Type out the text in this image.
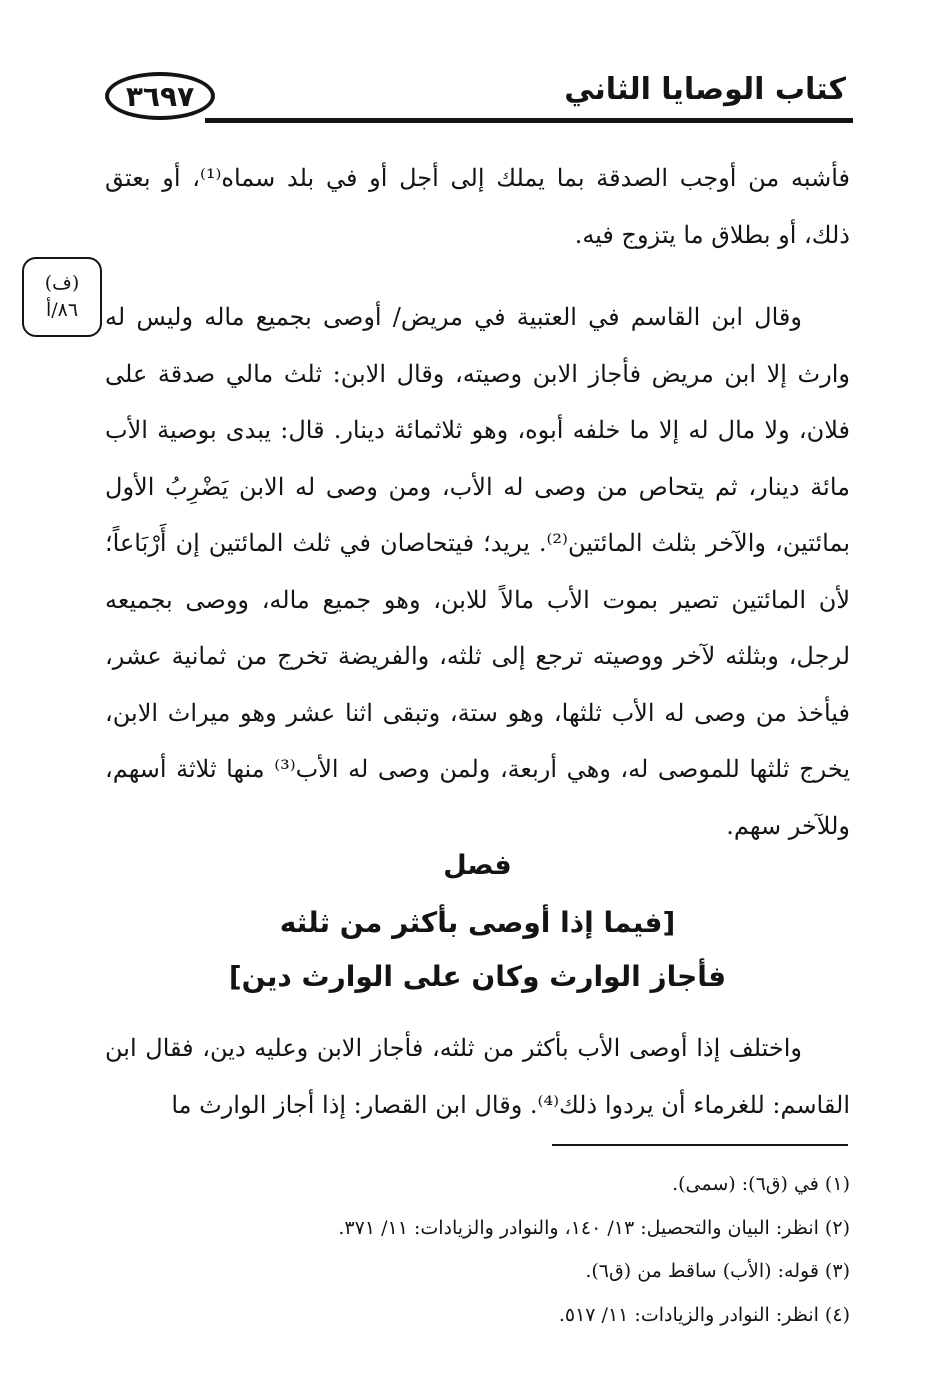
٣٦٩٧	كتاب الوصايا الثاني
(ف)
٨٦/أ

فأشبه من أوجب الصدقة بما يملك إلى أجل أو في بلد سماه⁽¹⁾، أو بعتق ذلك، أو بطلاق ما يتزوج فيه.

وقال ابن القاسم في العتبية في مريض/ أوصى بجميع ماله وليس له وارث إلا ابن مريض فأجاز الابن وصيته، وقال الابن: ثلث مالي صدقة على فلان، ولا مال له إلا ما خلفه أبوه، وهو ثلاثمائة دينار. قال: يبدى بوصية الأب مائة دينار، ثم يتحاص من وصى له الأب، ومن وصى له الابن يَضْرِبُ الأول بمائتين، والآخر بثلث المائتين⁽²⁾. يريد؛ فيتحاصان في ثلث المائتين إن أَرْبَاعاً؛ لأن المائتين تصير بموت الأب مالاً للابن، وهو جميع ماله، ووصى بجميعه لرجل، وبثلثه لآخر ووصيته ترجع إلى ثلثه، والفريضة تخرج من ثمانية عشر، فيأخذ من وصى له الأب ثلثها، وهو ستة، وتبقى اثنا عشر وهو ميراث الابن، يخرج ثلثها للموصى له، وهي أربعة، ولمن وصى له الأب⁽³⁾ منها ثلاثة أسهم، وللآخر سهم.

فصل
[فيما إذا أوصى بأكثر من ثلثه
فأجاز الوارث وكان على الوارث دين]

واختلف إذا أوصى الأب بأكثر من ثلثه، فأجاز الابن وعليه دين، فقال ابن القاسم: للغرماء أن يردوا ذلك⁽⁴⁾. وقال ابن القصار: إذا أجاز الوارث ما

(١) في (ق٦): (سمى).

(٢) انظر: البيان والتحصيل: ١٣/ ١٤٠، والنوادر والزيادات: ١١/ ٣٧١.

(٣) قوله: (الأب) ساقط من (ق٦).

(٤) انظر: النوادر والزيادات: ١١/ ٥١٧.
